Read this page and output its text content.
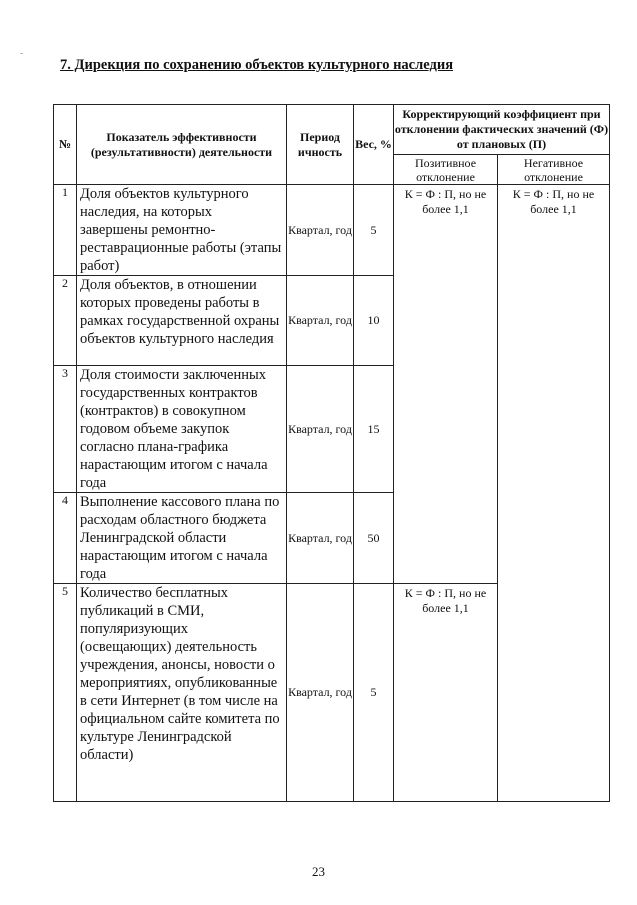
-
7. Дирекция по сохранению объектов культурного наследия
№	Показатель эффективности (результативности) деятельности	Период ичность	Вес, %	Корректирующий коэффициент при отклонении фактических значений (Ф) от плановых (П)	
				Позитивное отклонение	Негативное отклонение
1	Доля объектов культурного наследия, на которых завершены ремонтно-реставрационные работы (этапы работ)	Квартал, год	5	К = Ф : П, но не более 1,1	К = Ф : П, но не более 1,1
2	Доля объектов, в отношении которых проведены работы в рамках государственной охраны объектов культурного наследия	Квартал, год	10		
3	Доля стоимости заключенных государственных контрактов (контрактов) в совокупном годовом объеме закупок согласно плана-графика нарастающим итогом с начала года	Квартал, год	15		
4	Выполнение кассового плана по расходам областного бюджета Ленинградской области нарастающим итогом с начала года	Квартал, год	50		
5	Количество бесплатных публикаций в СМИ, популяризующих (освещающих) деятельность учреждения, анонсы, новости о мероприятиях, опубликованные в сети Интернет (в том числе на официальном сайте комитета по культуре Ленинградской области)	Квартал, год	5	К = Ф : П, но не более 1,1	
23
